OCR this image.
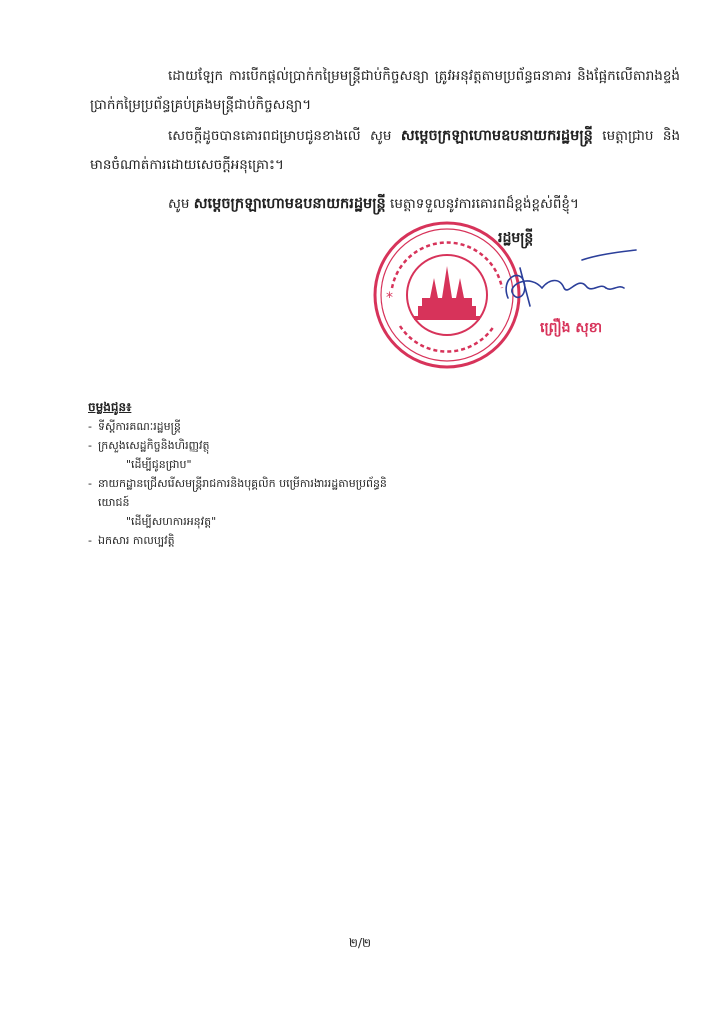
ដោយឡែក ការបើកផ្តល់ប្រាក់កម្រៃមន្ត្រីជាប់កិច្ចសន្យា ត្រូវអនុវត្តតាមប្រព័ន្ធធនាគារ និងផ្អែកលើតារាងខ្ទង់ប្រាក់កម្រៃប្រព័ន្ធគ្រប់គ្រងមន្ត្រីជាប់កិច្ចសន្យា។
សេចក្តីដូចបានគោរពជម្រាបជូនខាងលើ សូម សម្តេចក្រឡាហោមឧបនាយករដ្ឋមន្ត្រី មេត្តាជ្រាប និងមានចំណាត់ការដោយសេចក្តីអនុគ្រោះ។
សូម សម្តេចក្រឡាហោមឧបនាយករដ្ឋមន្ត្រី មេត្តាទទួលនូវការគោរពដ៏ខ្ពង់ខ្ពស់ពីខ្ញុំ។
*
រដ្ឋមន្ត្រី
ព្រឿង សុខា
ចម្លងជូន៖
- ទីស្តីការគណៈរដ្ឋមន្ត្រី
- ក្រសួងសេដ្ឋកិច្ចនិងហិរញ្ញវត្ថុ
"ដើម្បីជូនជ្រាប"
- នាយកដ្ឋានជ្រើសរើសមន្ត្រីរាជការនិងបុគ្គលិក បម្រើការងាររដ្ឋតាមប្រព័ន្ធនិយោជន៍
"ដើម្បីសហការអនុវត្ត"
- ឯកសារ កាលប្បវត្តិ
២/២
